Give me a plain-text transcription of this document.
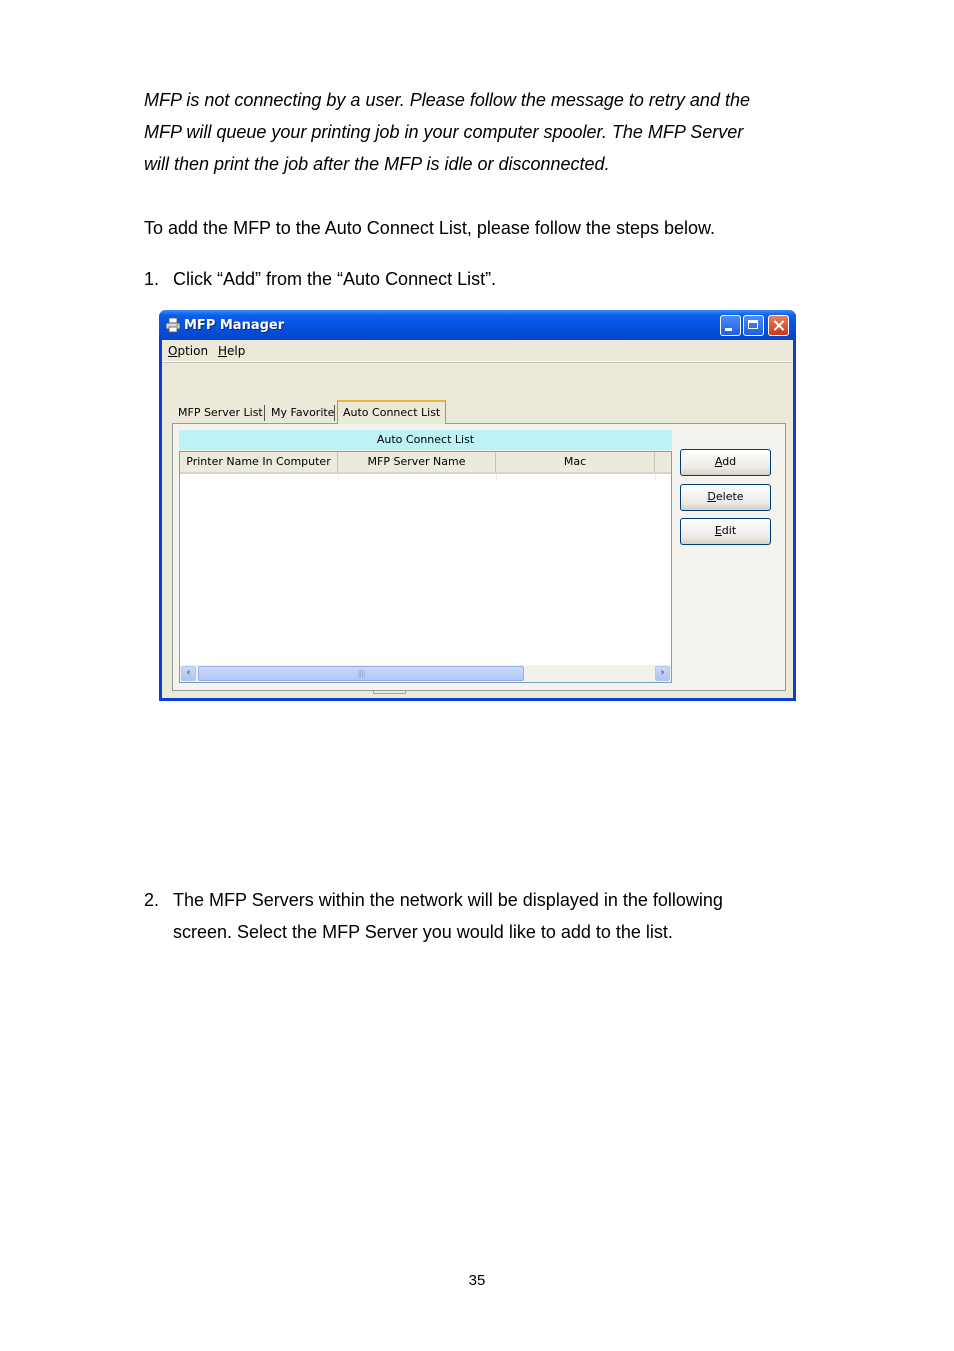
MFP is not connecting by a user. Please follow the message to retry and the

MFP will queue your printing job in your computer spooler. The MFP Server

will then print the job after the MFP is idle or disconnected.

To add the MFP to the Auto Connect List, please follow the steps below.

1. Click “Add” from the “Auto Connect List”.
MFP Manager
Option Help
MFP Server List My Favorite Auto Connect List
Auto Connect List
Printer Name In Computer	MFP Server Name	Mac
‹	||||	›
Add
Delete
Edit
2. The MFP Servers within the network will be displayed in the following
screen. Select the MFP Server you would like to add to the list.
35
